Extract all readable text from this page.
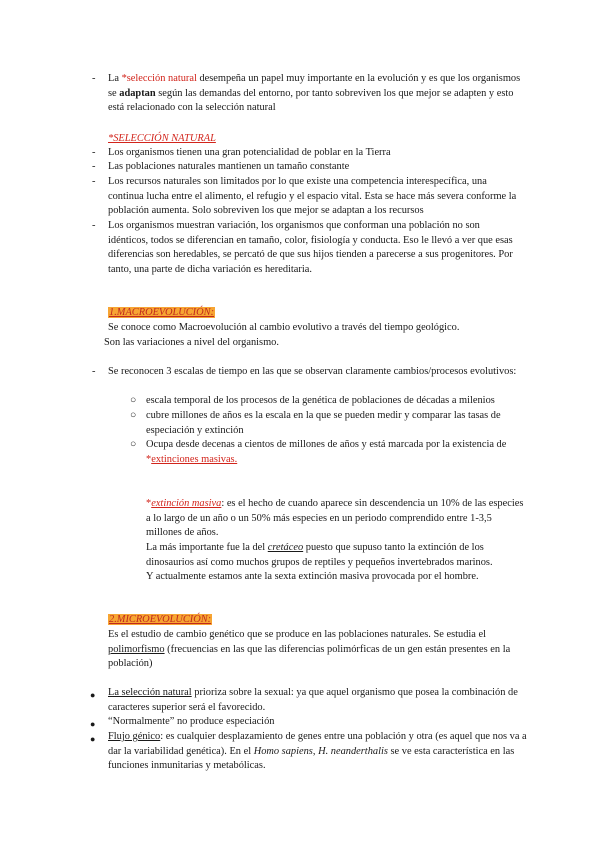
- La *selección natural desempeña un papel muy importante en la evolución y es que los organismos se adaptan según las demandas del entorno, por tanto sobreviven los que mejor se adapten y esto está relacionado con la selección natural
*SELECCIÓN NATURAL
- Los organismos tienen una gran potencialidad de poblar en la Tierra
- Las poblaciones naturales mantienen un tamaño constante
- Los recursos naturales son limitados por lo que existe una competencia interespecífica, una continua lucha entre el alimento, el refugio y el espacio vital. Esta se hace más severa conforme la población aumenta. Solo sobreviven los que mejor se adaptan a los recursos
- Los organismos muestran variación, los organismos que conforman una población no son idénticos, todos se diferencian en tamaño, color, fisiología y conducta. Eso le llevó a ver que esas diferencias son heredables, se percató de que sus hijos tienden a parecerse a sus progenitores. Por tanto, una parte de dicha variación es hereditaria.
1.MACROEVOLUCIÓN:
Se conoce como Macroevolución al cambio evolutivo a través del tiempo geológico.
Son las variaciones a nivel del organismo.
- Se reconocen 3 escalas de tiempo en las que se observan claramente cambios/procesos evolutivos:
○ escala temporal de los procesos de la genética de poblaciones de décadas a milenios
○ cubre millones de años es la escala en la que se pueden medir y comparar las tasas de especiación y extinción
○ Ocupa desde decenas a cientos de millones de años y está marcada por la existencia de *extinciones masivas.
*extinción masiva: es el hecho de cuando aparece sin descendencia un 10% de las especies a lo largo de un año o un 50% más especies en un periodo comprendido entre 1-3,5 millones de años.
La más importante fue la del cretáceo puesto que supuso tanto la extinción de los dinosaurios así como muchos grupos de reptiles y pequeños invertebrados marinos.
Y actualmente estamos ante la sexta extinción masiva provocada por el hombre.
2.MICROEVOLUCIÓN:
Es el estudio de cambio genético que se produce en las poblaciones naturales. Se estudia el
polimorfismo (frecuencias en las que las diferencias polimórficas de un gen están presentes en la población)
● La selección natural prioriza sobre la sexual: ya que aquel organismo que posea la combinación de caracteres superior será el favorecido.
● “Normalmente” no produce especiación
● Flujo génico: es cualquier desplazamiento de genes entre una población y otra (es aquel que nos va a dar la variabilidad genética). En el Homo sapiens, H. neanderthalis se ve esta característica en las funciones inmunitarias y metabólicas.
